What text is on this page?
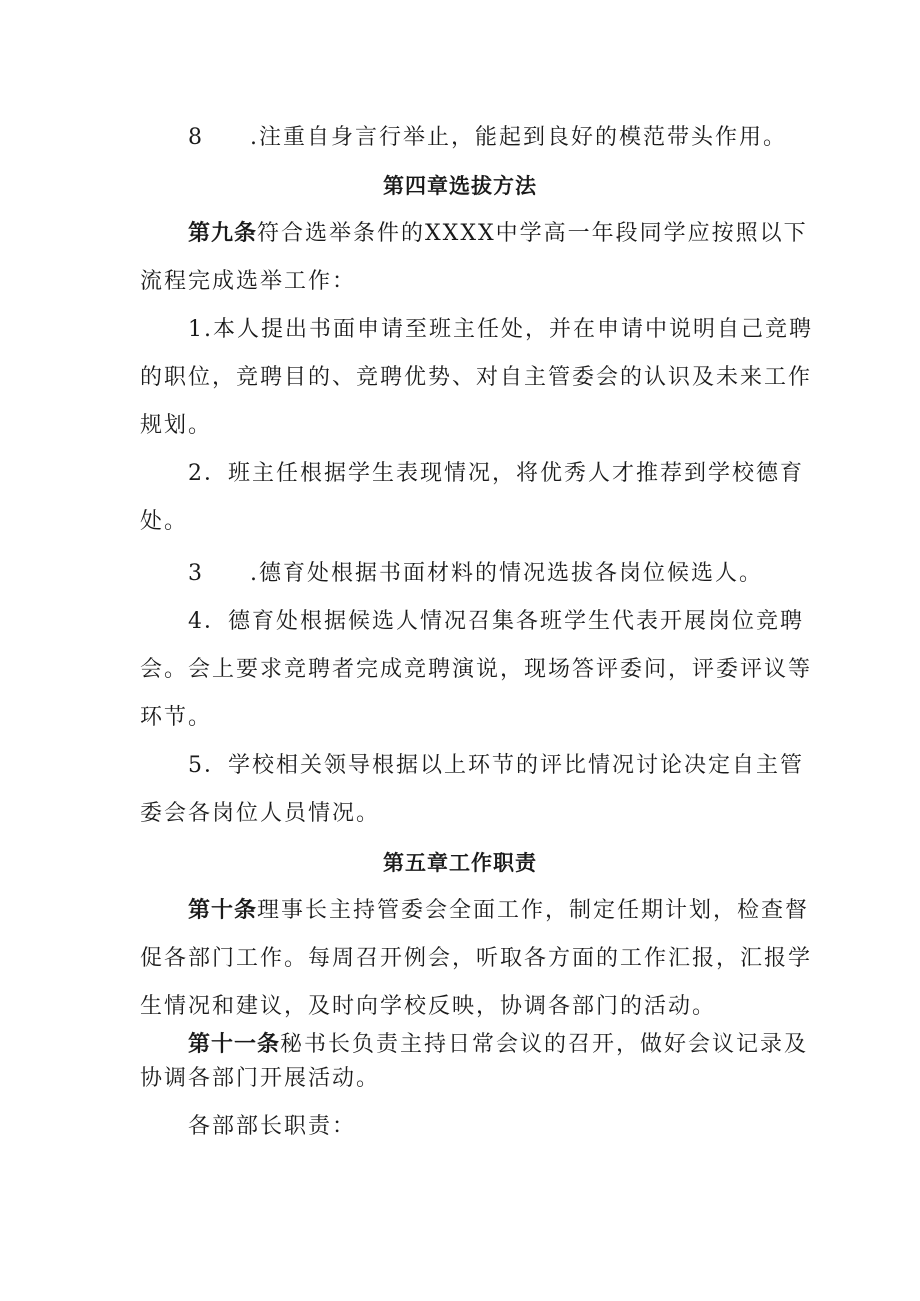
8 .注重自身言行举止，能起到良好的模范带头作用。
第四章选拔方法
第九条符合选举条件的XXXX中学高一年段同学应按照以下
流程完成选举工作：
1.本人提出书面申请至班主任处，并在申请中说明自己竞聘
的职位，竞聘目的、竞聘优势、对自主管委会的认识及未来工作
规划。
2．班主任根据学生表现情况，将优秀人才推荐到学校德育
处。
3 .德育处根据书面材料的情况选拔各岗位候选人。
4．德育处根据候选人情况召集各班学生代表开展岗位竞聘
会。会上要求竞聘者完成竞聘演说，现场答评委问，评委评议等
环节。
5．学校相关领导根据以上环节的评比情况讨论决定自主管
委会各岗位人员情况。
第五章工作职责
第十条理事长主持管委会全面工作，制定任期计划，检查督
促各部门工作。每周召开例会，听取各方面的工作汇报，汇报学
生情况和建议，及时向学校反映，协调各部门的活动。
第十一条秘书长负责主持日常会议的召开，做好会议记录及
协调各部门开展活动。
各部部长职责：
